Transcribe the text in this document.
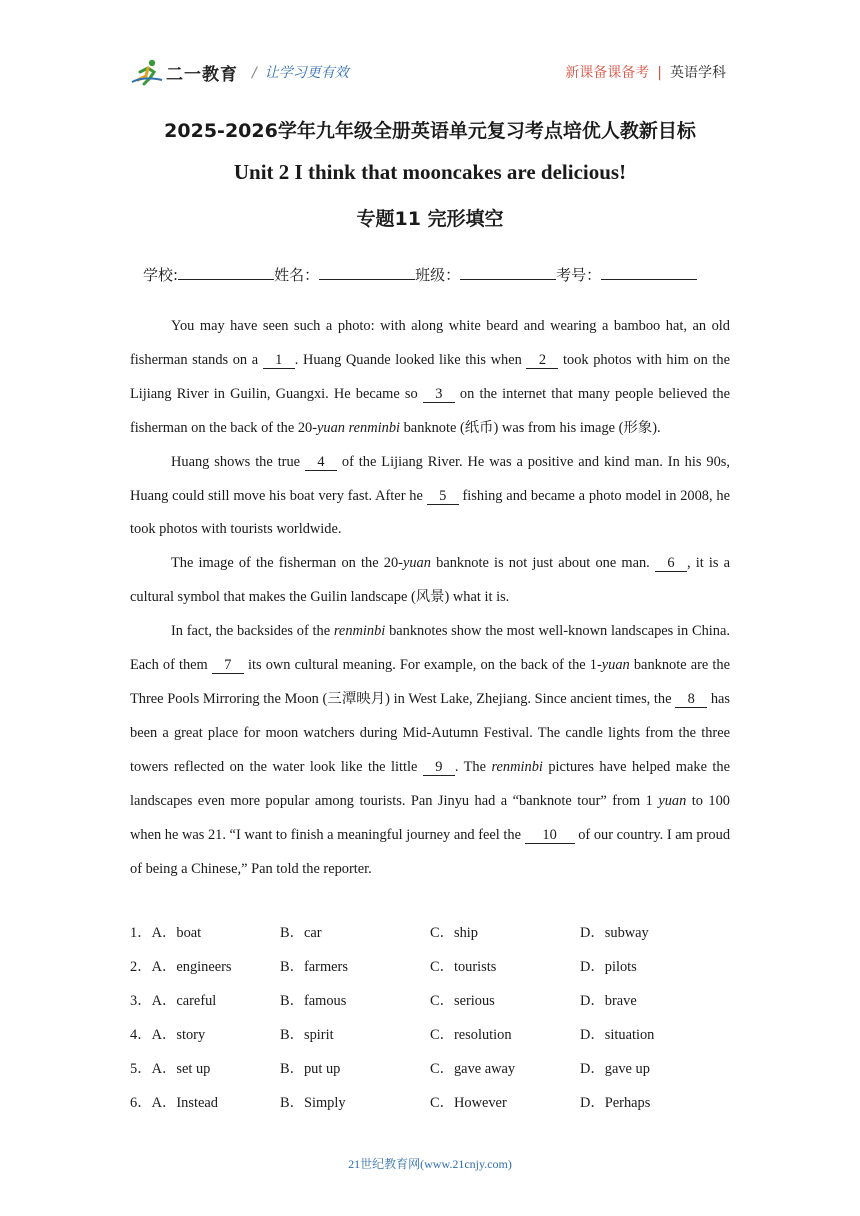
二一教育 / 让学习更有效	新课备课备考 | 英语学科
2025-2026学年九年级全册英语单元复习考点培优人教新目标
Unit 2 I think that mooncakes are delicious!
专题11 完形填空
学校:	姓名：	班级：	考号：

You may have seen such a photo: with along white beard and wearing a bamboo hat, an old fisherman stands on a 1 . Huang Quande looked like this when 2 took photos with him on the Lijiang River in Guilin, Guangxi. He became so 3 on the internet that many people believed the fisherman on the back of the 20-yuan renminbi banknote (纸币) was from his image (形象).

Huang shows the true 4 of the Lijiang River. He was a positive and kind man. In his 90s, Huang could still move his boat very fast. After he 5 fishing and became a photo model in 2008, he took photos with tourists worldwide.

The image of the fisherman on the 20-yuan banknote is not just about one man. 6 , it is a cultural symbol that makes the Guilin landscape (风景) what it is.

In fact, the backsides of the renminbi banknotes show the most well-known landscapes in China. Each of them 7 its own cultural meaning. For example, on the back of the 1-yuan banknote are the Three Pools Mirroring the Moon (三潭映月) in West Lake, Zhejiang. Since ancient times, the 8 has been a great place for moon watchers during Mid-Autumn Festival. The candle lights from the three towers reflected on the water look like the little 9 . The renminbi pictures have helped make the landscapes even more popular among tourists. Pan Jinyu had a “banknote tour” from 1 yuan to 100 when he was 21. “I want to finish a meaningful journey and feel the 10 of our country. I am proud of being a Chinese,” Pan told the reporter.

1．A．boat	B．car	C．ship	D．subway
2．A．engineers	B．farmers	C．tourists	D．pilots
3．A．careful	B．famous	C．serious	D．brave
4．A．story	B．spirit	C．resolution	D．situation
5．A．set up	B．put up	C．gave away	D．gave up
6．A．Instead	B．Simply	C．However	D．Perhaps
21世纪教育网(www.21cnjy.com)
